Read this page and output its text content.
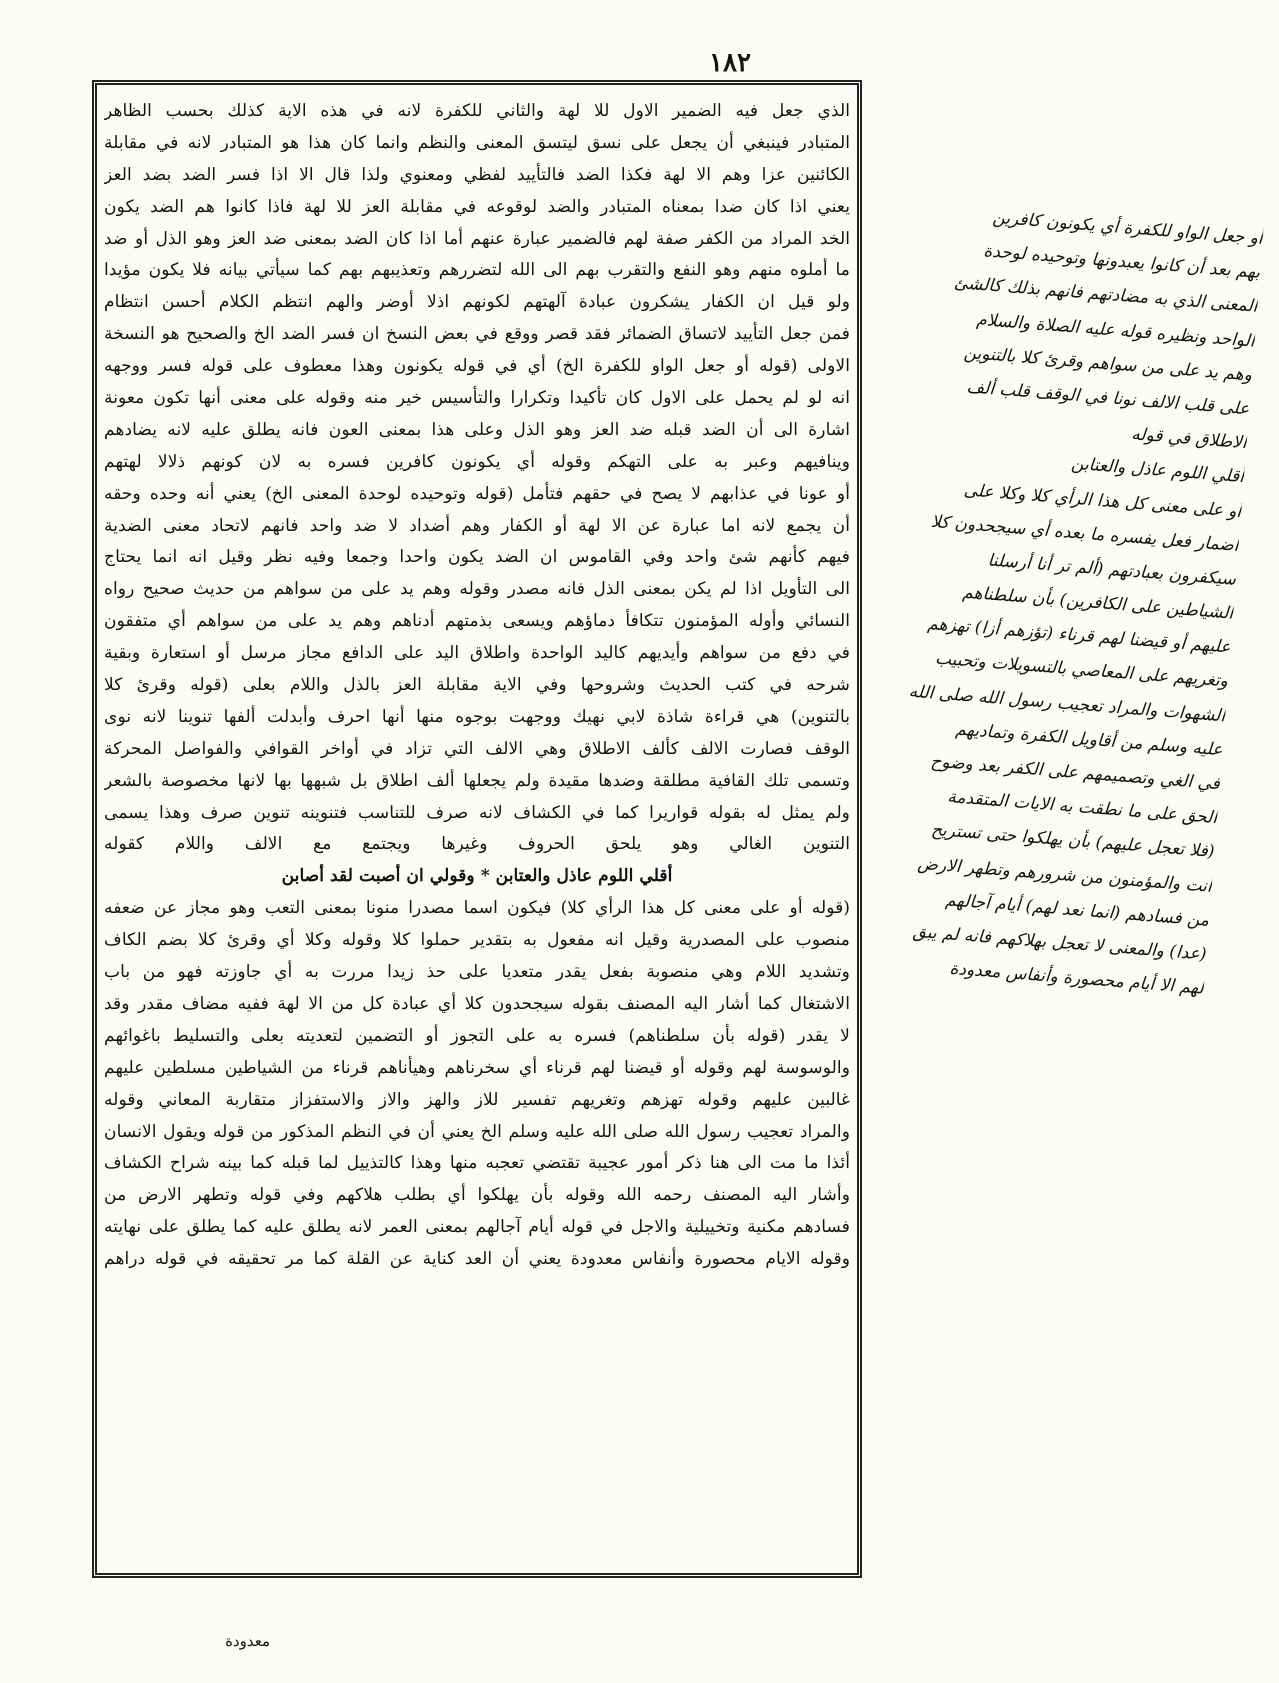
١٨٢
الذي جعل فيه الضمير الاول للا لهة والثاني للكفرة لانه في هذه الاية كذلك بحسب الظاهر
المتبادر فينبغي أن يجعل على نسق ليتسق المعنى والنظم وانما كان هذا هو المتبادر لانه في مقابلة
الكائنين عزا وهم الا لهة فكذا الضد فالتأييد لفظي ومعنوي ولذا قال الا اذا فسر الضد بضد العز
يعني اذا كان ضدا بمعناه المتبادر والضد لوقوعه في مقابلة العز للا لهة فاذا كانوا هم الضد يكون
الخد المراد من الكفر صفة لهم فالضمير عبارة عنهم أما اذا كان الضد بمعنى ضد العز وهو الذل أو ضد
ما أملوه منهم وهو النفع والتقرب بهم الى الله لتضررهم وتعذيبهم بهم كما سيأتي بيانه فلا يكون مؤيدا
ولو قيل ان الكفار يشكرون عبادة آلهتهم لكونهم اذلا أوضر والهم انتظم الكلام أحسن انتظام
فمن جعل التأييد لاتساق الضمائر فقد قصر ووقع في بعض النسخ ان فسر الضد الخ والصحيح هو النسخة
الاولى (قوله أو جعل الواو للكفرة الخ) أي في قوله يكونون وهذا معطوف على قوله فسر ووجهه
انه لو لم يحمل على الاول كان تأكيدا وتكرارا والتأسيس خير منه وقوله على معنى أنها تكون معونة
اشارة الى أن الضد قبله ضد العز وهو الذل وعلى هذا بمعنى العون فانه يطلق عليه لانه يضادهم
وينافيهم وعبر به على التهكم وقوله أي يكونون كافرين فسره به لان كونهم ذلالا لهتهم
أو عونا في عذابهم لا يصح في حقهم فتأمل (قوله وتوحيده لوحدة المعنى الخ) يعني أنه وحده وحقه
أن يجمع لانه اما عبارة عن الا لهة أو الكفار وهم أضداد لا ضد واحد فانهم لاتحاد معنى الضدية
فيهم كأنهم شئ واحد وفي القاموس ان الضد يكون واحدا وجمعا وفيه نظر وقيل انه انما يحتاج
الى التأويل اذا لم يكن بمعنى الذل فانه مصدر وقوله وهم يد على من سواهم من حديث صحيح رواه
النسائي وأوله المؤمنون تتكافأ دماؤهم ويسعى بذمتهم أدناهم وهم يد على من سواهم أي متفقون
في دفع من سواهم وأيديهم كاليد الواحدة واطلاق اليد على الدافع مجاز مرسل أو استعارة وبقية
شرحه في كتب الحديث وشروحها وفي الاية مقابلة العز بالذل واللام بعلى (قوله وقرئ كلا
بالتنوين) هي قراءة شاذة لابي نهيك ووجهت بوجوه منها أنها احرف وأبدلت ألفها تنوينا لانه نوى
الوقف فصارت الالف كألف الاطلاق وهي الالف التي تزاد في أواخر القوافي والفواصل المحركة
وتسمى تلك القافية مطلقة وضدها مقيدة ولم يجعلها ألف اطلاق بل شبهها بها لانها مخصوصة بالشعر
ولم يمثل له بقوله قواريرا كما في الكشاف لانه صرف للتناسب فتنوينه تنوين صرف وهذا يسمى
التنوين الغالي وهو يلحق الحروف وغيرها ويجتمع مع الالف واللام كقوله
أقلي اللوم عاذل والعتابن * وقولي ان أصبت لقد أصابن
(قوله أو على معنى كل هذا الرأي كلا) فيكون اسما مصدرا منونا بمعنى التعب وهو مجاز عن ضعفه
منصوب على المصدرية وقيل انه مفعول به بتقدير حملوا كلا وقوله وكلا أي وقرئ كلا بضم الكاف
وتشديد اللام وهي منصوبة بفعل يقدر متعديا على حذ زيدا مررت به أي جاوزته فهو من باب
الاشتغال كما أشار اليه المصنف بقوله سيجحدون كلا أي عبادة كل من الا لهة ففيه مضاف مقدر وقد
لا يقدر (قوله بأن سلطناهم) فسره به على التجوز أو التضمين لتعديته بعلى والتسليط باغوائهم
والوسوسة لهم وقوله أو قيضنا لهم قرناء أي سخرناهم وهيأناهم قرناء من الشياطين مسلطين عليهم
غالبين عليهم وقوله تهزهم وتغريهم تفسير للاز والهز والاز والاستفزاز متقاربة المعاني وقوله
والمراد تعجيب رسول الله صلى الله عليه وسلم الخ يعني أن في النظم المذكور من قوله ويقول الانسان
أئذا ما مت الى هنا ذكر أمور عجيبة تقتضي تعجبه منها وهذا كالتذييل لما قبله كما بينه شراح الكشاف
وأشار اليه المصنف رحمه الله وقوله بأن يهلكوا أي بطلب هلاكهم وفي قوله وتطهر الارض من
فسادهم مكنية وتخييلية والاجل في قوله أيام آجالهم بمعنى العمر لانه يطلق عليه كما يطلق على نهايته
وقوله الايام محصورة وأنفاس معدودة يعني أن العد كناية عن القلة كما مر تحقيقه في قوله دراهم
أو جعل الواو للكفرة أي يكونون كافرين
بهم بعد أن كانوا يعبدونها وتوحيده لوحدة
المعنى الذي به مضادتهم فانهم بذلك كالشئ
الواحد ونظيره قوله عليه الصلاة والسلام
وهم يد على من سواهم وقرئ كلا بالتنوين
على قلب الالف نونا في الوقف قلب ألف
الاطلاق في قوله
أقلي اللوم عاذل والعتابن
أو على معنى كل هذا الرأي كلا وكلا على
اضمار فعل يفسره ما بعده أي سيجحدون كلا
سيكفرون بعبادتهم (ألم تر أنا أرسلنا
الشياطين على الكافرين) بأن سلطناهم
عليهم أو قيضنا لهم قرناء (تؤزهم أزا) تهزهم
وتغريهم على المعاصي بالتسويلات وتحبيب
الشهوات والمراد تعجيب رسول الله صلى الله
عليه وسلم من أقاويل الكفرة وتماديهم
في الغي وتصميمهم على الكفر بعد وضوح
الحق على ما نطقت به الايات المتقدمة
(فلا تعجل عليهم) بأن يهلكوا حتى تستريح
أنت والمؤمنون من شرورهم وتطهر الارض
من فسادهم (انما نعد لهم) أيام آجالهم
(عدا) والمعنى لا تعجل بهلاكهم فانه لم يبق
لهم الا أيام محصورة وأنفاس معدودة
معدودة
